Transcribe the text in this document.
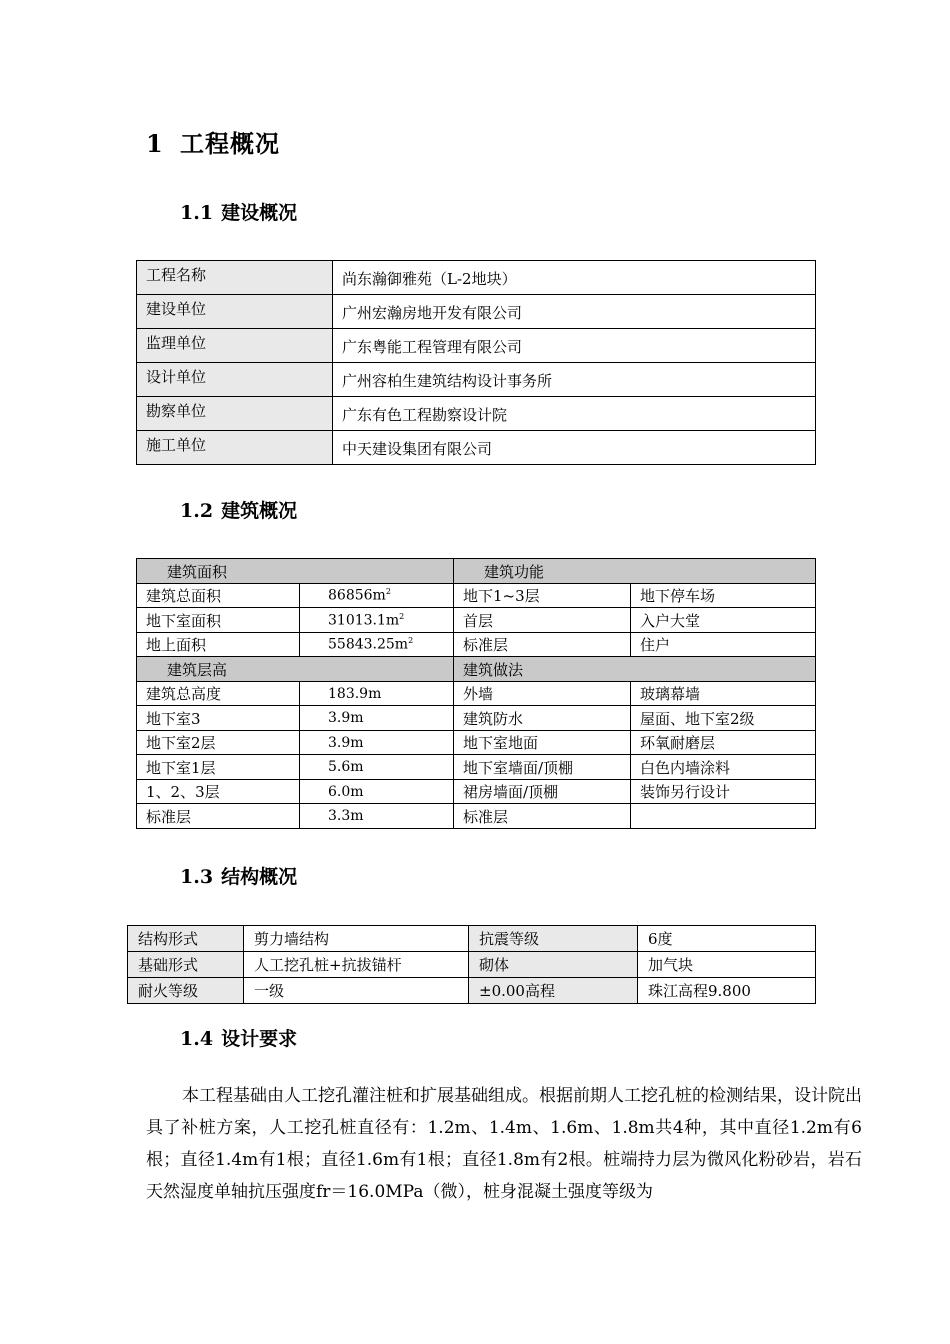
1 工程概况
1.1 建设概况
工程名称	尚东瀚御雅苑（L-2地块）
建设单位	广州宏瀚房地开发有限公司
监理单位	广东粤能工程管理有限公司
设计单位	广州容柏生建筑结构设计事务所
勘察单位	广东有色工程勘察设计院
施工单位	中天建设集团有限公司
1.2 建筑概况
建筑面积		建筑功能	
建筑总面积	$86856m^2$	地下1~3层	地下停车场
地下室面积	$31013.1m^2$	首层	入户大堂
地上面积	$55843.25m^2$	标准层	住户
建筑层高		建筑做法	
建筑总高度	183.9m	外墙	玻璃幕墙
地下室3	3.9m	建筑防水	屋面、地下室2级
地下室2层	3.9m	地下室地面	环氧耐磨层
地下室1层	5.6m	地下室墙面/顶棚	白色内墙涂料
1、2、3层	6.0m	裙房墙面/顶棚	装饰另行设计
标准层	3.3m	标准层	
1.3 结构概况
结构形式	剪力墙结构	抗震等级	6度
基础形式	人工挖孔桩+抗拔锚杆	砌体	加气块
耐火等级	一级	±0.00高程	珠江高程9.800
1.4 设计要求

本工程基础由人工挖孔灌注桩和扩展基础组成。根据前期人工挖孔桩的检测结果，设计院出具了补桩方案，人工挖孔桩直径有：1.2m、1.4m、1.6m、1.8m共4种，其中直径1.2m有6根；直径1.4m有1根；直径1.6m有1根；直径1.8m有2根。桩端持力层为微风化粉砂岩，岩石天然湿度单轴抗压强度fr＝16.0MPa（微），桩身混凝土强度等级为
